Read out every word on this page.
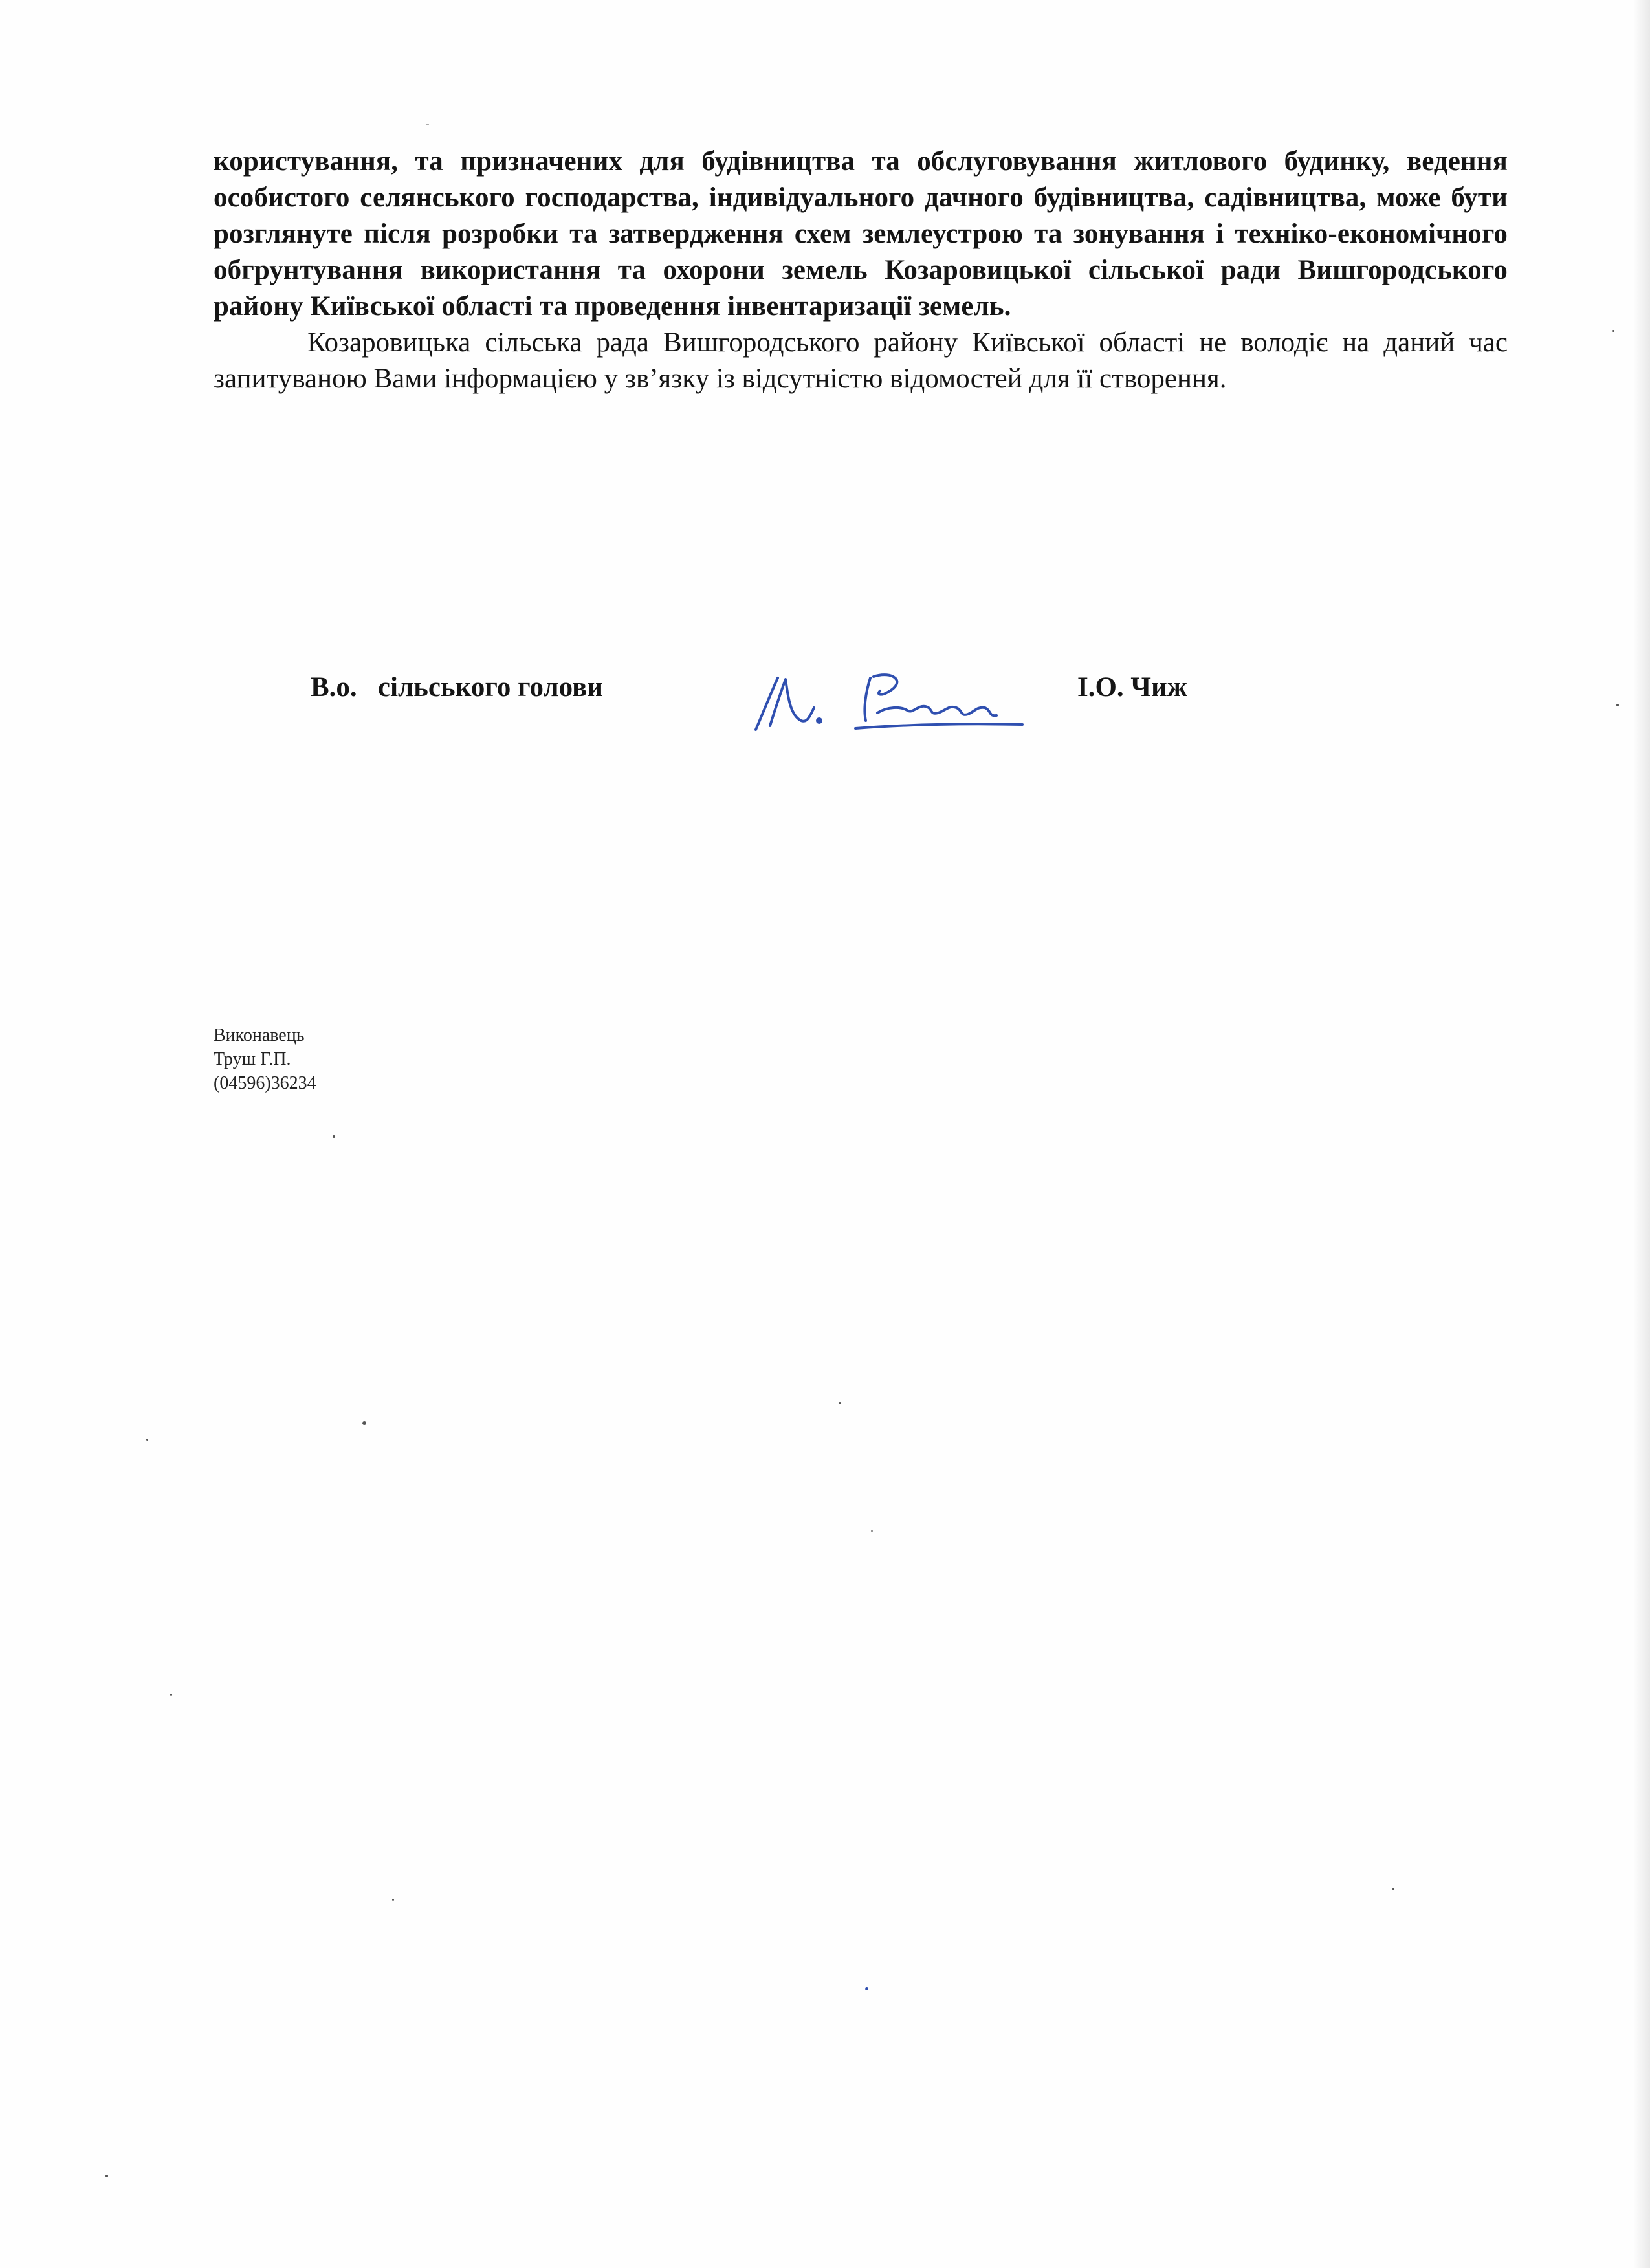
користування, та призначених для будівництва та обслуговування житлового будинку, ведення особистого селянського господарства, індивідуального дачного будівництва, садівництва, може бути розглянуте після розробки та затвердження схем землеустрою та зонування і техніко-економічного обгрунтування використання та охорони земель Козаровицької сільської ради Вишгородського району Київської області та проведення інвентаризації земель.

Козаровицька сільська рада Вишгородського району Київської області не володіє на даний час запитуваною Вами інформацією у зв’язку із відсутністю відомостей для її створення.

В.о.   сільського голови	І.О. Чиж
Виконавець
Труш Г.П.
(04596)36234
